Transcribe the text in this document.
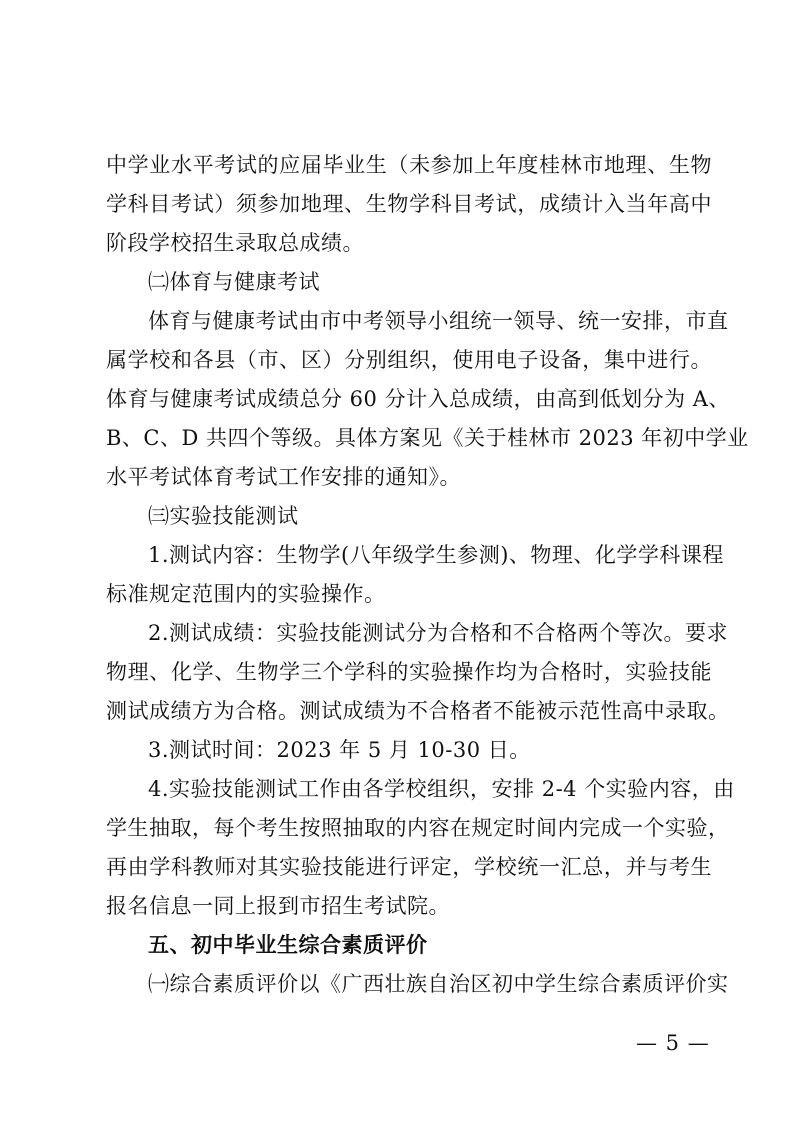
中学业水平考试的应届毕业生（未参加上年度桂林市地理、生物
学科目考试）须参加地理、生物学科目考试，成绩计入当年高中
阶段学校招生录取总成绩。
㈡体育与健康考试
体育与健康考试由市中考领导小组统一领导、统一安排，市直
属学校和各县（市、区）分别组织，使用电子设备，集中进行。
体育与健康考试成绩总分 60 分计入总成绩，由高到低划分为 A、
B、C、D 共四个等级。具体方案见《关于桂林市 2023 年初中学业
水平考试体育考试工作安排的通知》。
㈢实验技能测试
1.测试内容：生物学(八年级学生参测)、物理、化学学科课程
标准规定范围内的实验操作。
2.测试成绩：实验技能测试分为合格和不合格两个等次。要求
物理、化学、生物学三个学科的实验操作均为合格时，实验技能
测试成绩方为合格。测试成绩为不合格者不能被示范性高中录取。
3.测试时间：2023 年 5 月 10-30 日。
4.实验技能测试工作由各学校组织，安排 2-4 个实验内容，由
学生抽取，每个考生按照抽取的内容在规定时间内完成一个实验，
再由学科教师对其实验技能进行评定，学校统一汇总，并与考生
报名信息一同上报到市招生考试院。
五、初中毕业生综合素质评价
㈠综合素质评价以《广西壮族自治区初中学生综合素质评价实
— 5 —
